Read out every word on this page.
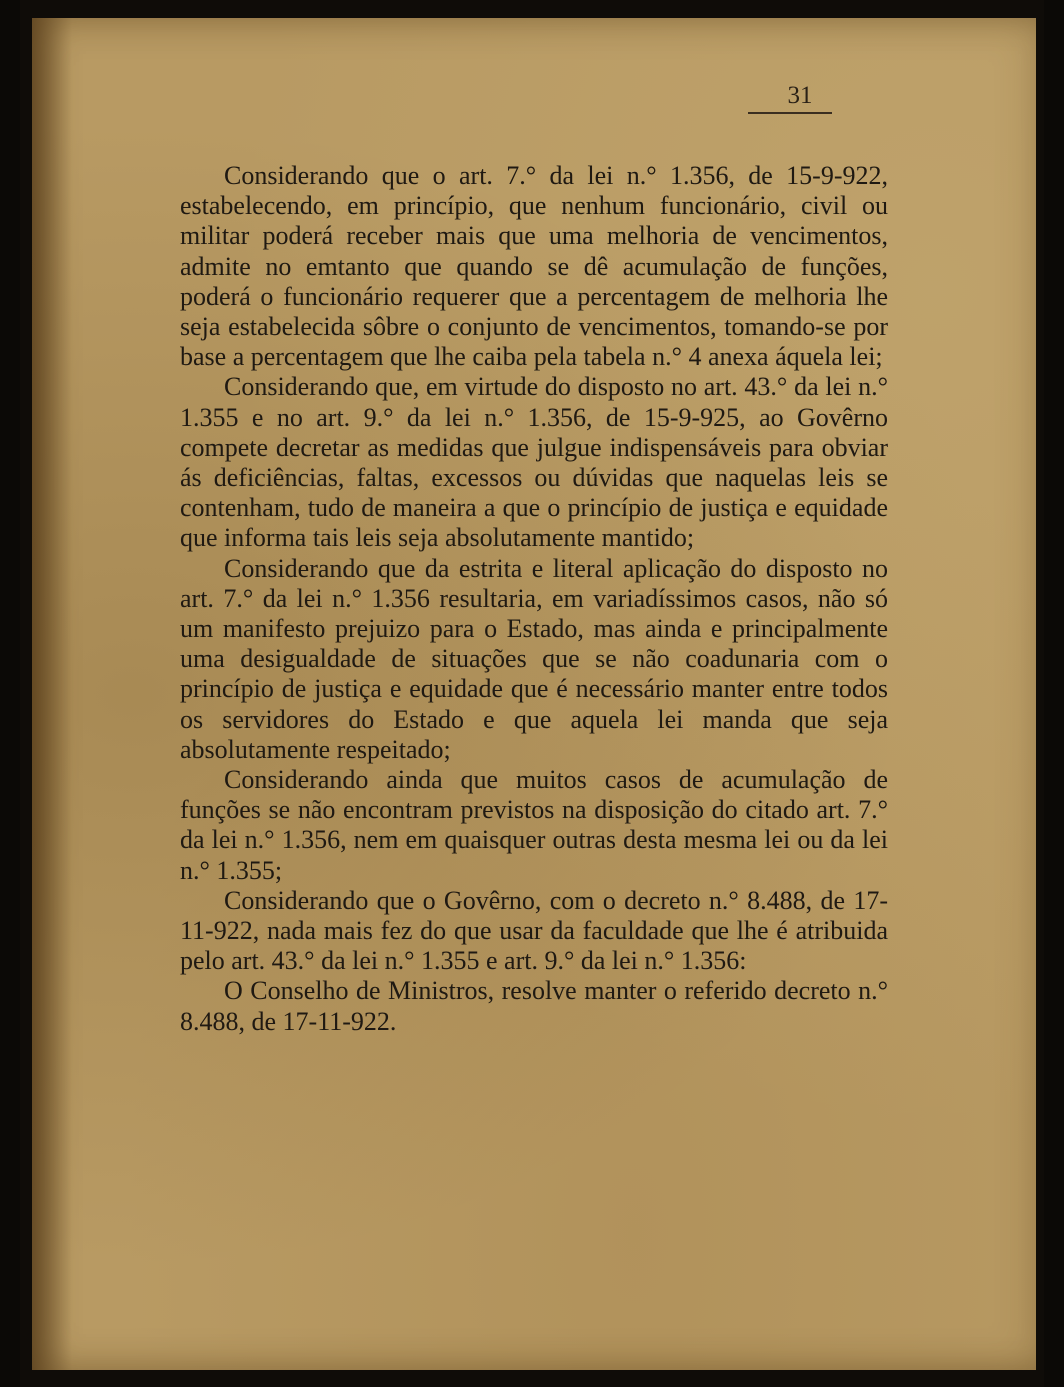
31

Considerando que o art. 7.° da lei n.° 1.356, de 15-9-922, estabelecendo, em princípio, que nenhum funcionário, civil ou militar poderá receber mais que uma melhoria de vencimentos, admite no emtanto que quando se dê acumulação de funções, poderá o funcionário requerer que a percentagem de melhoria lhe seja estabelecida sôbre o conjunto de vencimentos, tomando-se por base a percentagem que lhe caiba pela tabela n.° 4 anexa áquela lei;

Considerando que, em virtude do disposto no art. 43.° da lei n.° 1.355 e no art. 9.° da lei n.° 1.356, de 15-9-925, ao Govêrno compete decretar as medidas que julgue indispensáveis para obviar ás deficiências, faltas, excessos ou dúvidas que naquelas leis se contenham, tudo de maneira a que o princípio de justiça e equidade que informa tais leis seja absolutamente mantido;

Considerando que da estrita e literal aplicação do disposto no art. 7.° da lei n.° 1.356 resultaria, em variadíssimos casos, não só um manifesto prejuizo para o Estado, mas ainda e principalmente uma desigualdade de situações que se não coadunaria com o princípio de justiça e equidade que é necessário manter entre todos os servidores do Estado e que aquela lei manda que seja absolutamente respeitado;

Considerando ainda que muitos casos de acumulação de funções se não encontram previstos na disposição do citado art. 7.° da lei n.° 1.356, nem em quaisquer outras desta mesma lei ou da lei n.° 1.355;

Considerando que o Govêrno, com o decreto n.° 8.488, de 17-11-922, nada mais fez do que usar da faculdade que lhe é atribuida pelo art. 43.° da lei n.° 1.355 e art. 9.° da lei n.° 1.356:

O Conselho de Ministros, resolve manter o referido decreto n.° 8.488, de 17-11-922.
